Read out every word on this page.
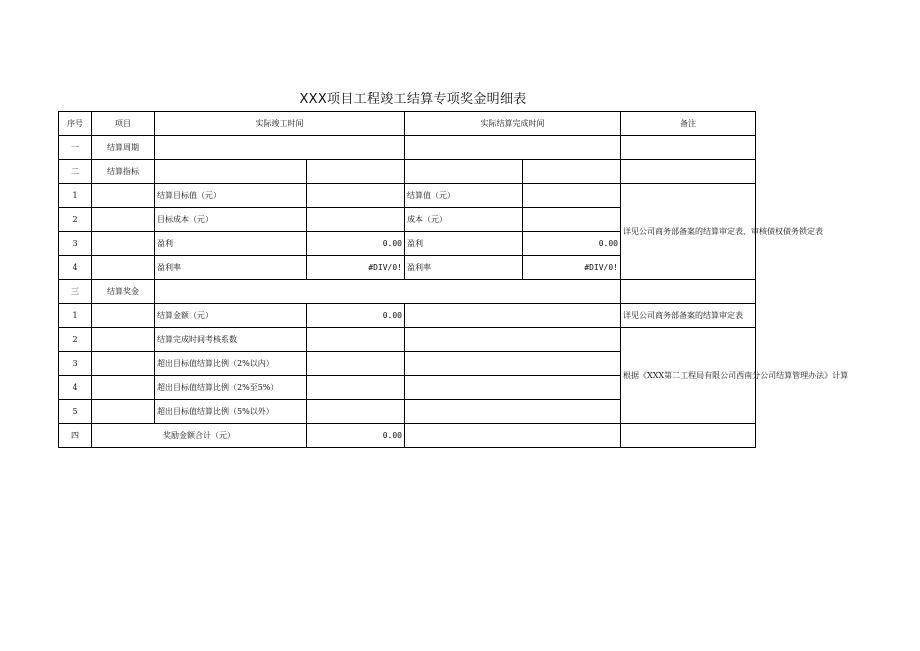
XXX项目工程竣工结算专项奖金明细表
序号	项目	实际竣工时间		实际结算完成时间		备注
一	结算周期					
二	结算指标					
1		结算目标值（元）		结算值（元）		详见公司商务部备案的结算审定表、审核债权债务锁定表
2		目标成本（元）		成本（元）		
3		盈利	0.00	盈利	0.00	
4		盈利率	#DIV/0!	盈利率	#DIV/0!	
三	结算奖金					
1		结算金额（元）	0.00			详见公司商务部备案的结算审定表
2		结算完成时间考核系数				根据《XXX第二工程局有限公司西南分公司结算管理办法》计算
3		超出目标值结算比例（2%以内）				
4		超出目标值结算比例（2%至5%）				
5		超出目标值结算比例（5%以外）				
四	奖励金额合计（元）		0.00			
